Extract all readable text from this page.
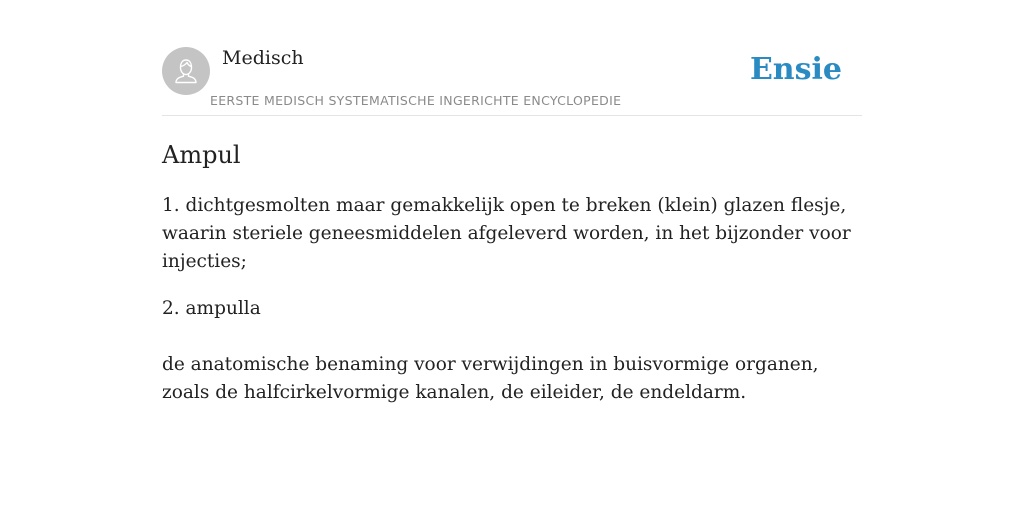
Medisch
EERSTE MEDISCH SYSTEMATISCHE INGERICHTE ENCYCLOPEDIE
Ensie
Ampul

1. dichtgesmolten maar gemakkelijk open te breken (klein) glazen flesje, waarin steriele geneesmiddelen afgeleverd worden, in het bijzonder voor injecties;

2. ampulla

de anatomische benaming voor verwijdingen in buisvormige organen, zoals de halfcirkelvormige kanalen, de eileider, de endeldarm.
